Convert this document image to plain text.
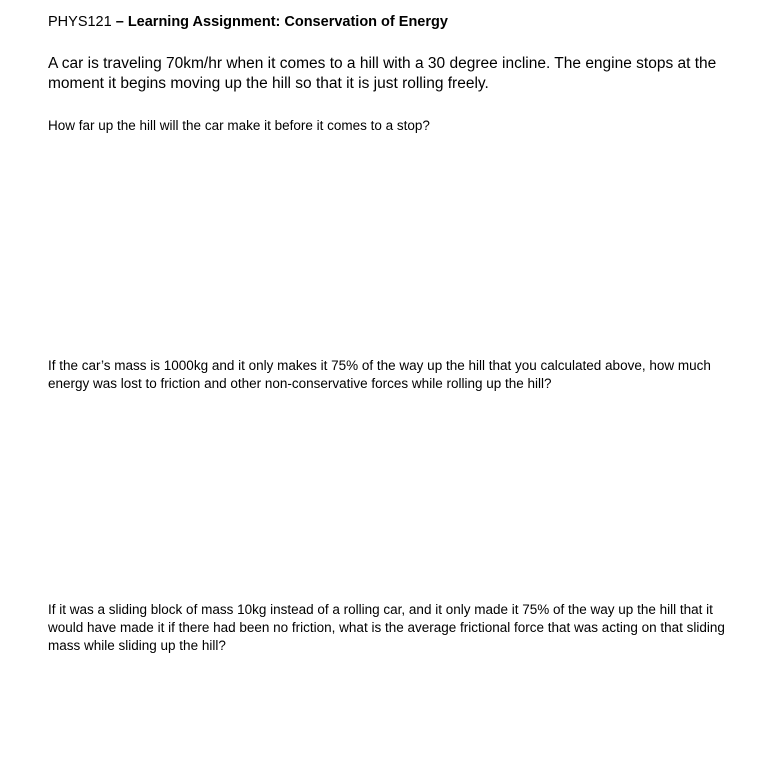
PHYS121 – Learning Assignment: Conservation of Energy

A car is traveling 70km/hr when it comes to a hill with a 30 degree incline. The engine stops at the moment it begins moving up the hill so that it is just rolling freely.

How far up the hill will the car make it before it comes to a stop?

If the car’s mass is 1000kg and it only makes it 75% of the way up the hill that you calculated above, how much energy was lost to friction and other non-conservative forces while rolling up the hill?

If it was a sliding block of mass 10kg instead of a rolling car, and it only made it 75% of the way up the hill that it would have made it if there had been no friction, what is the average frictional force that was acting on that sliding mass while sliding up the hill?
